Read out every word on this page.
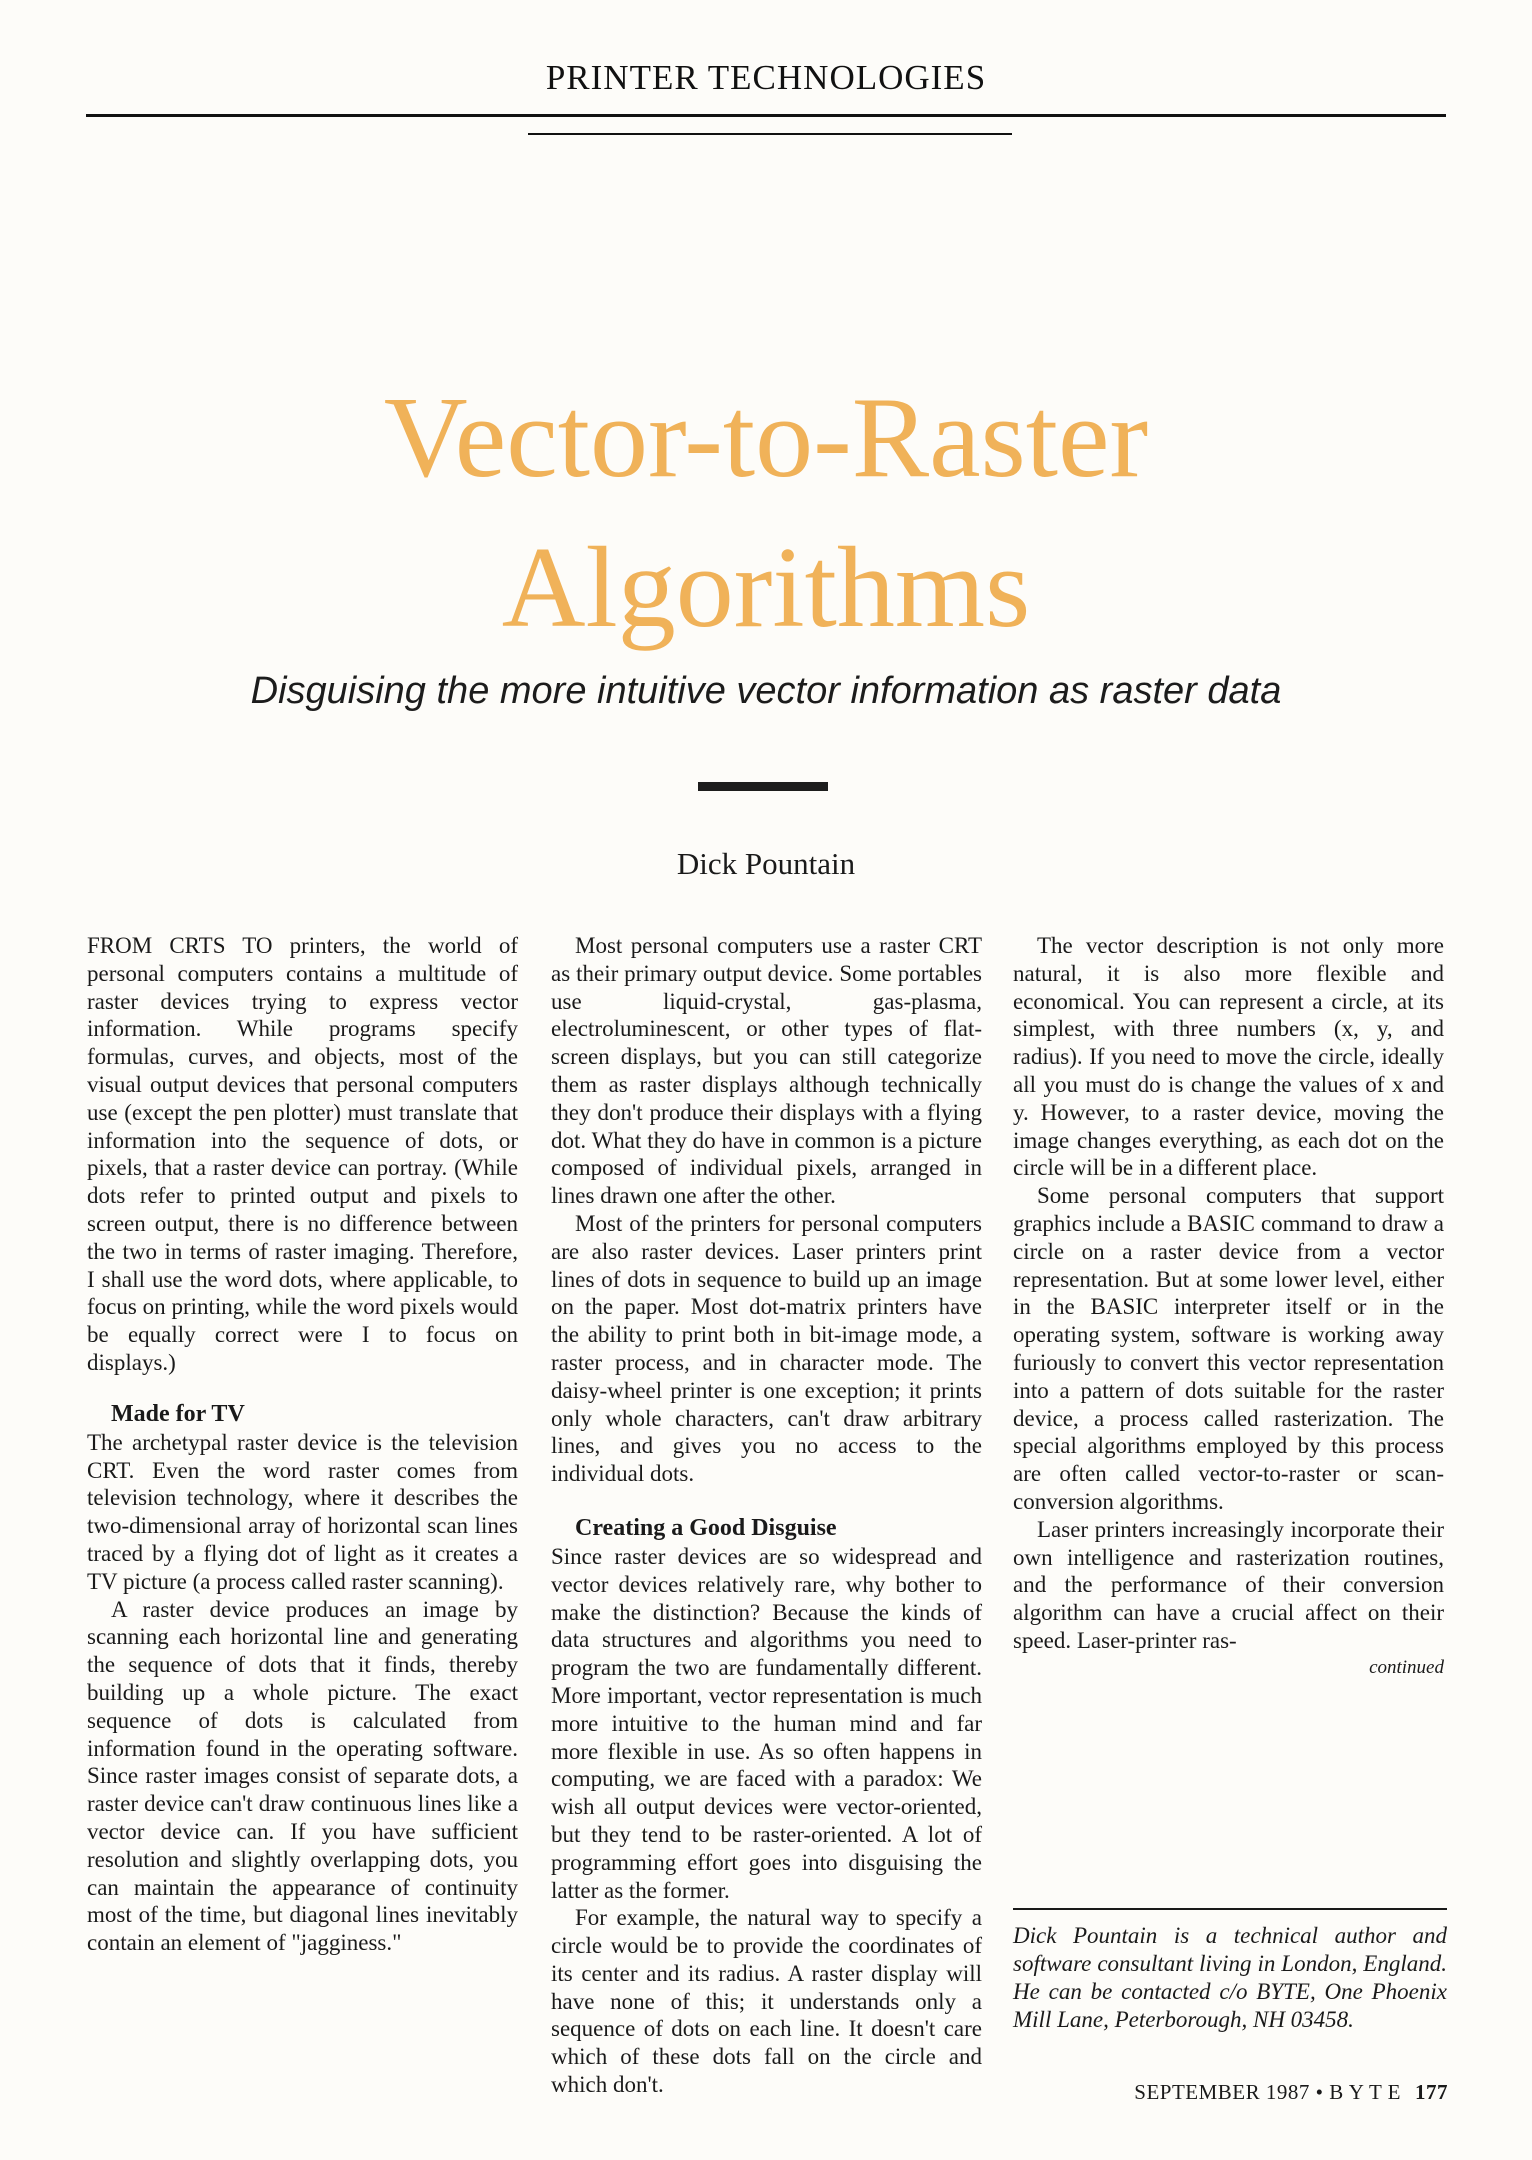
PRINTER TECHNOLOGIES
Vector-to-Raster
Algorithms
Disguising the more intuitive vector information as raster data
Dick Pountain

FROM CRTS TO printers, the world of personal computers contains a multitude of raster devices trying to express vector information. While programs specify formulas, curves, and objects, most of the visual output devices that personal computers use (except the pen plotter) must translate that information into the sequence of dots, or pixels, that a raster device can portray. (While dots refer to printed output and pixels to screen output, there is no difference between the two in terms of raster imaging. Therefore, I shall use the word dots, where applicable, to focus on printing, while the word pixels would be equally correct were I to focus on displays.)

Made for TV

The archetypal raster device is the television CRT. Even the word raster comes from television technology, where it describes the two-dimensional array of horizontal scan lines traced by a flying dot of light as it creates a TV picture (a process called raster scanning).

A raster device produces an image by scanning each horizontal line and generating the sequence of dots that it finds, thereby building up a whole picture. The exact sequence of dots is calculated from information found in the operating software. Since raster images consist of separate dots, a raster device can't draw continuous lines like a vector device can. If you have sufficient resolution and slightly overlapping dots, you can maintain the appearance of continuity most of the time, but diagonal lines inevitably contain an element of "jagginess."

Most personal computers use a raster CRT as their primary output device. Some portables use liquid-crystal, gas-plasma, electroluminescent, or other types of flat-screen displays, but you can still categorize them as raster displays although technically they don't produce their displays with a flying dot. What they do have in common is a picture composed of individual pixels, arranged in lines drawn one after the other.

Most of the printers for personal computers are also raster devices. Laser printers print lines of dots in sequence to build up an image on the paper. Most dot-matrix printers have the ability to print both in bit-image mode, a raster process, and in character mode. The daisy-wheel printer is one exception; it prints only whole characters, can't draw arbitrary lines, and gives you no access to the individual dots.

Creating a Good Disguise

Since raster devices are so widespread and vector devices relatively rare, why bother to make the distinction? Because the kinds of data structures and algorithms you need to program the two are fundamentally different. More important, vector representation is much more intuitive to the human mind and far more flexible in use. As so often happens in computing, we are faced with a paradox: We wish all output devices were vector-oriented, but they tend to be raster-oriented. A lot of programming effort goes into disguising the latter as the former.

For example, the natural way to specify a circle would be to provide the coordinates of its center and its radius. A raster display will have none of this; it understands only a sequence of dots on each line. It doesn't care which of these dots fall on the circle and which don't.

The vector description is not only more natural, it is also more flexible and economical. You can represent a circle, at its simplest, with three numbers (x, y, and radius). If you need to move the circle, ideally all you must do is change the values of x and y. However, to a raster device, moving the image changes everything, as each dot on the circle will be in a different place.

Some personal computers that support graphics include a BASIC command to draw a circle on a raster device from a vector representation. But at some lower level, either in the BASIC interpreter itself or in the operating system, software is working away furiously to convert this vector representation into a pattern of dots suitable for the raster device, a process called rasterization. The special algorithms employed by this process are often called vector-to-raster or scan-conversion algorithms.

Laser printers increasingly incorporate their own intelligence and rasterization routines, and the performance of their conversion algorithm can have a crucial affect on their speed. Laser-printer ras-

continued

Dick Pountain is a technical author and software consultant living in London, England. He can be contacted c/o BYTE, One Phoenix Mill Lane, Peterborough, NH 03458.

SEPTEMBER 1987 • B Y T E 177
